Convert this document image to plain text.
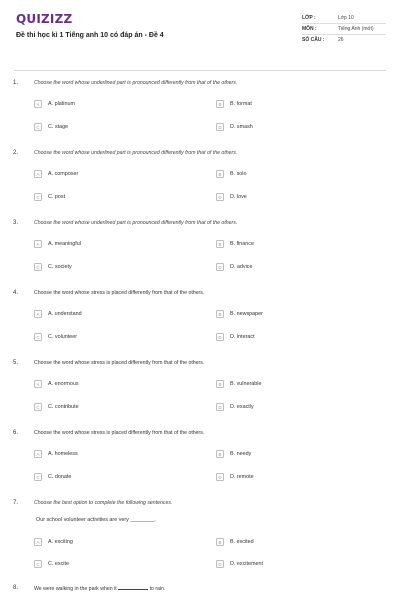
QUIZIZZ
Đề thi học kì 1 Tiếng anh 10 có đáp án - Đề 4
LỚP :	Lớp 10
MÔN :	Tiếng Anh (mới)
SỐ CÂU :	26
1.	Choose the word whose underlined part is pronounced differently from that of the others.
A	A. platinum	B	B. format
C	C. stage	D	D. smash
2.	Choose the word whose underlined part is pronounced differently from that of the others.
A	A. composer	B	B. solo
C	C. post	D	D. love
3.	Choose the word whose underlined part is pronounced differently from that of the others.
A	A. meaningful	B	B. finance
C	C. society	D	D. advice
4.	Choose the word whose stress is placed differently from that of the others.
A	A. understand	B	B. newspaper
C	C. volunteer	D	D. interact
5.	Choose the word whose stress is placed differently from that of the others.
A	A. enormous	B	B. vulnerable
C	C. contribute	D	D. exactly
6.	Choose the word whose stress is placed differently from that of the others.
A	A. homeless	B	B. needy
C	C. donate	D	D. remote
7.	Choose the best option to complete the following sentences.
Our school volunteer activities are very ________.
A	A. exciting	B	B. excited
C	C. excite	D	D. excitement
8.	We were walking in the park when it	to rain.
